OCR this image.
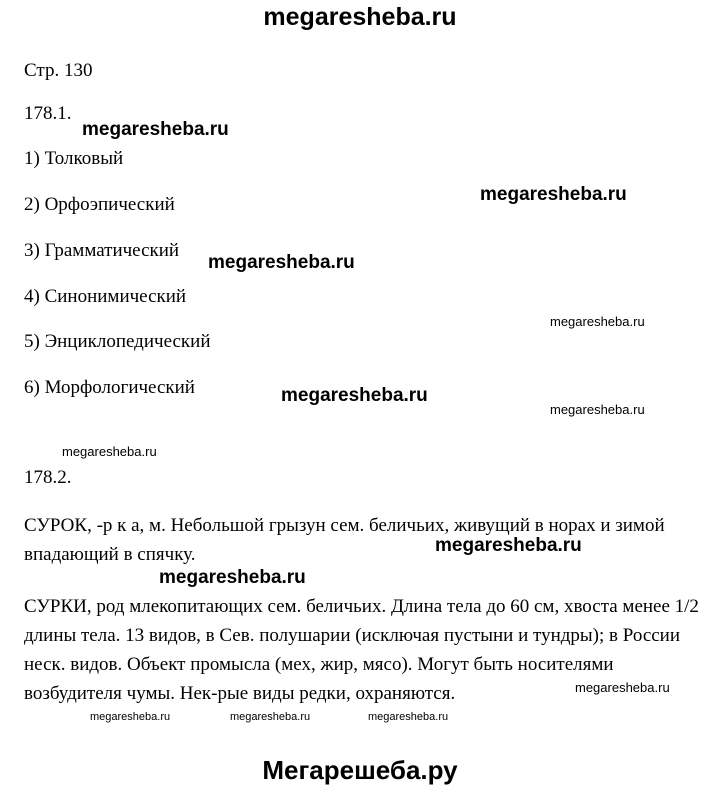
megaresheba.ru
Стр. 130
178.1.
1) Толковый
2) Орфоэпический
3) Грамматический
4) Синонимический
5) Энциклопедический
6) Морфологический
178.2.
СУРОК, -р к а, м. Небольшой грызун сем. беличьих, живущий в норах и зимой впадающий в спячку.
СУРКИ, род млекопитающих сем. беличьих. Длина тела до 60 см, хвоста менее 1/2 длины тела. 13 видов, в Сев. полушарии (исключая пустыни и тундры); в России неск. видов. Объект промысла (мех, жир, мясо). Могут быть носителями возбудителя чумы. Нек-рые виды редки, охраняются.
megaresheba.ru
megaresheba.ru
megaresheba.ru
megaresheba.ru
megaresheba.ru
megaresheba.ru
megaresheba.ru
megaresheba.ru
megaresheba.ru
megaresheba.ru
megaresheba.ru	megaresheba.ru	megaresheba.ru
Мегарешеба.ру
